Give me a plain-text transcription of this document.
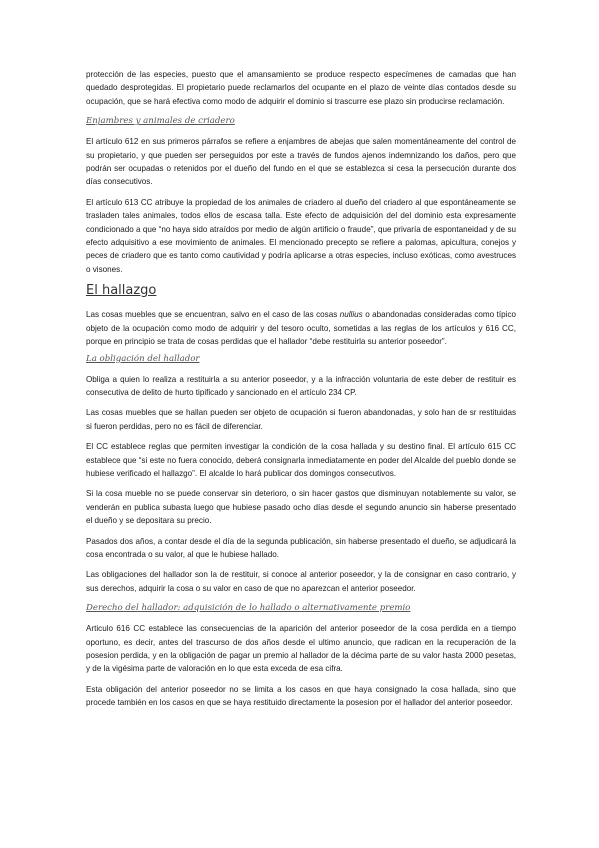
protección de las especies, puesto que el amansamiento se produce respecto especímenes de camadas que han quedado desprotegidas. El propietario puede reclamarlos del ocupante en el plazo de veinte días contados desde su ocupación, que se hará efectiva como modo de adquirir el dominio si trascurre ese plazo sin producirse reclamación.

Enjambres y animales de criadero

El artículo 612 en sus primeros párrafos se refiere a enjambres de abejas que salen momentáneamente del control de su propietario, y que pueden ser perseguidos por este a través de fundos ajenos indemnizando los daños, pero que podrán ser ocupadas o retenidos por el dueño del fundo en el que se establezca si cesa la persecución durante dos días consecutivos.

El artículo 613 CC atribuye la propiedad de los animales de criadero al dueño del criadero al que espontáneamente se trasladen tales animales, todos ellos de escasa talla. Este efecto de adquisición del del dominio esta expresamente condicionado a que “no haya sido atraídos por medio de algún artificio o fraude”, que privaría de espontaneidad y de su efecto adquisitivo a ese movimiento de animales. El mencionado precepto se refiere a palomas, apicultura, conejos y peces de criadero que es tanto como cautividad y podría aplicarse a otras especies, incluso exóticas, como avestruces o visones.

El hallazgo

Las cosas muebles que se encuentran, salvo en el caso de las cosas nullius o abandonadas consideradas como típico objeto de la ocupación como modo de adquirir y del tesoro oculto, sometidas a las reglas de los artículos y 616 CC, porque en principio se trata de cosas perdidas que el hallador “debe restituirla su anterior poseedor”.

La obligación del hallador

Obliga a quien lo realiza a restituirla a su anterior poseedor, y a la infracción voluntaria de este deber de restituir es consecutiva de delito de hurto tipificado y sancionado en el artículo 234 CP.

Las cosas muebles que se hallan pueden ser objeto de ocupación si fueron abandonadas, y solo han de sr restituidas si fueron perdidas, pero no es fácil de diferenciar.

El CC establece reglas que permiten investigar la condición de la cosa hallada y su destino final. El artículo 615 CC establece que “si este no fuera conocido, deberá consignarla inmediatamente en poder del Alcalde del pueblo donde se hubiese verificado el hallazgo”. El alcalde lo hará publicar dos domingos consecutivos.

Si la cosa mueble no se puede conservar sin deterioro, o sin hacer gastos que disminuyan notablemente su valor, se venderán en publica subasta luego que hubiese pasado ocho días desde el segundo anuncio sin haberse presentado el dueño y se depositara su precio.

Pasados dos años, a contar desde el día de la segunda publicación, sin haberse presentado el dueño, se adjudicará la cosa encontrada o su valor, al que le hubiese hallado.

Las obligaciones del hallador son la de restituir, si conoce al anterior poseedor, y la de consignar en caso contrario, y sus derechos, adquirir la cosa o su valor en caso de que no aparezcan el anterior poseedor.

Derecho del hallador: adquisición de lo hallado o alternativamente premio

Articulo 616 CC establece las consecuencias de la aparición del anterior poseedor de la cosa perdida en a tiempo oportuno, es decir, antes del trascurso de dos años desde el ultimo anuncio, que radican en la recuperación de la posesion perdida, y en la obligación de pagar un premio al hallador de la décima parte de su valor hasta 2000 pesetas, y de la vigésima parte de valoración en lo que esta exceda de esa cifra.

Esta obligación del anterior poseedor no se limita a los casos en que haya consignado la cosa hallada, sino que procede también en los casos en que se haya restituido directamente la posesion por el hallador del anterior poseedor.
